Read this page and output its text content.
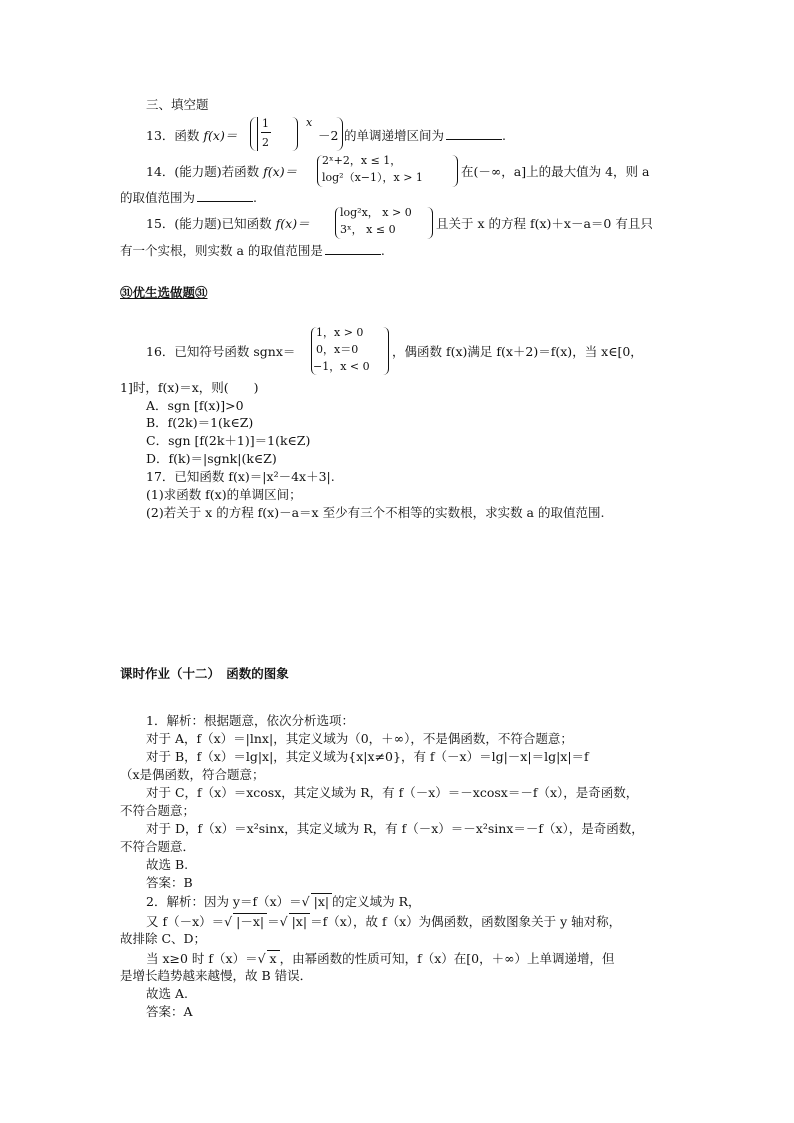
三、填空题
13．函数 f(x)＝
1
2
x
－2 的单调递增区间为	.
14．(能力题)若函数 f(x)＝
2ˣ+2，x ≤ 1，
log²（x−1），x > 1	在(－∞，a]上的最大值为 4，则 a
的取值范围为	.
15．(能力题)已知函数 f(x)＝
log²x， x > 0
3ˣ， x ≤ 0	且关于 x 的方程 f(x)＋x－a＝0 有且只
有一个实根，则实数 a 的取值范围是	.
㉛优生选做题㉛
16．已知符号函数 sgnx＝
1，x > 0
0，x＝0
−1，x < 0
，偶函数 f(x)满足 f(x＋2)＝f(x)，当 x∈[0，
1]时，f(x)＝x，则(　　)
A．sgn [f(x)]>0
B．f(2k)＝1(k∈Z)
C．sgn [f(2k＋1)]＝1(k∈Z)
D．f(k)＝|sgnk|(k∈Z)
17．已知函数 f(x)＝|x²－4x＋3|.
(1)求函数 f(x)的单调区间；
(2)若关于 x 的方程 f(x)－a＝x 至少有三个不相等的实数根，求实数 a 的取值范围.
课时作业（十二）　函数的图象
1．解析：根据题意，依次分析选项：
对于 A，f（x）＝|lnx|，其定义域为（0，＋∞），不是偶函数，不符合题意；
对于 B，f（x）＝lg|x|，其定义域为{x|x≠0}，有 f（－x）＝lg|－x|＝lg|x|＝f
（x是偶函数，符合题意；
对于 C，f（x）＝xcosx，其定义域为 R，有 f（－x）＝－xcosx＝－f（x），是奇函数，
不符合题意；
对于 D，f（x）＝x²sinx，其定义域为 R，有 f（－x）＝－x²sinx＝－f（x），是奇函数，
不符合题意．
故选 B.
答案：B
2．解析：因为 y＝f（x）＝√ |x| 的定义域为 R，
又 f（－x）＝√ |－x| ＝√ |x| ＝f（x），故 f（x）为偶函数，函数图象关于 y 轴对称，
故排除 C、D；
当 x≥0 时 f（x）＝√ x ，由幂函数的性质可知，f（x）在[0，＋∞）上单调递增，但
是增长趋势越来越慢，故 B 错误．
故选 A.
答案：A
